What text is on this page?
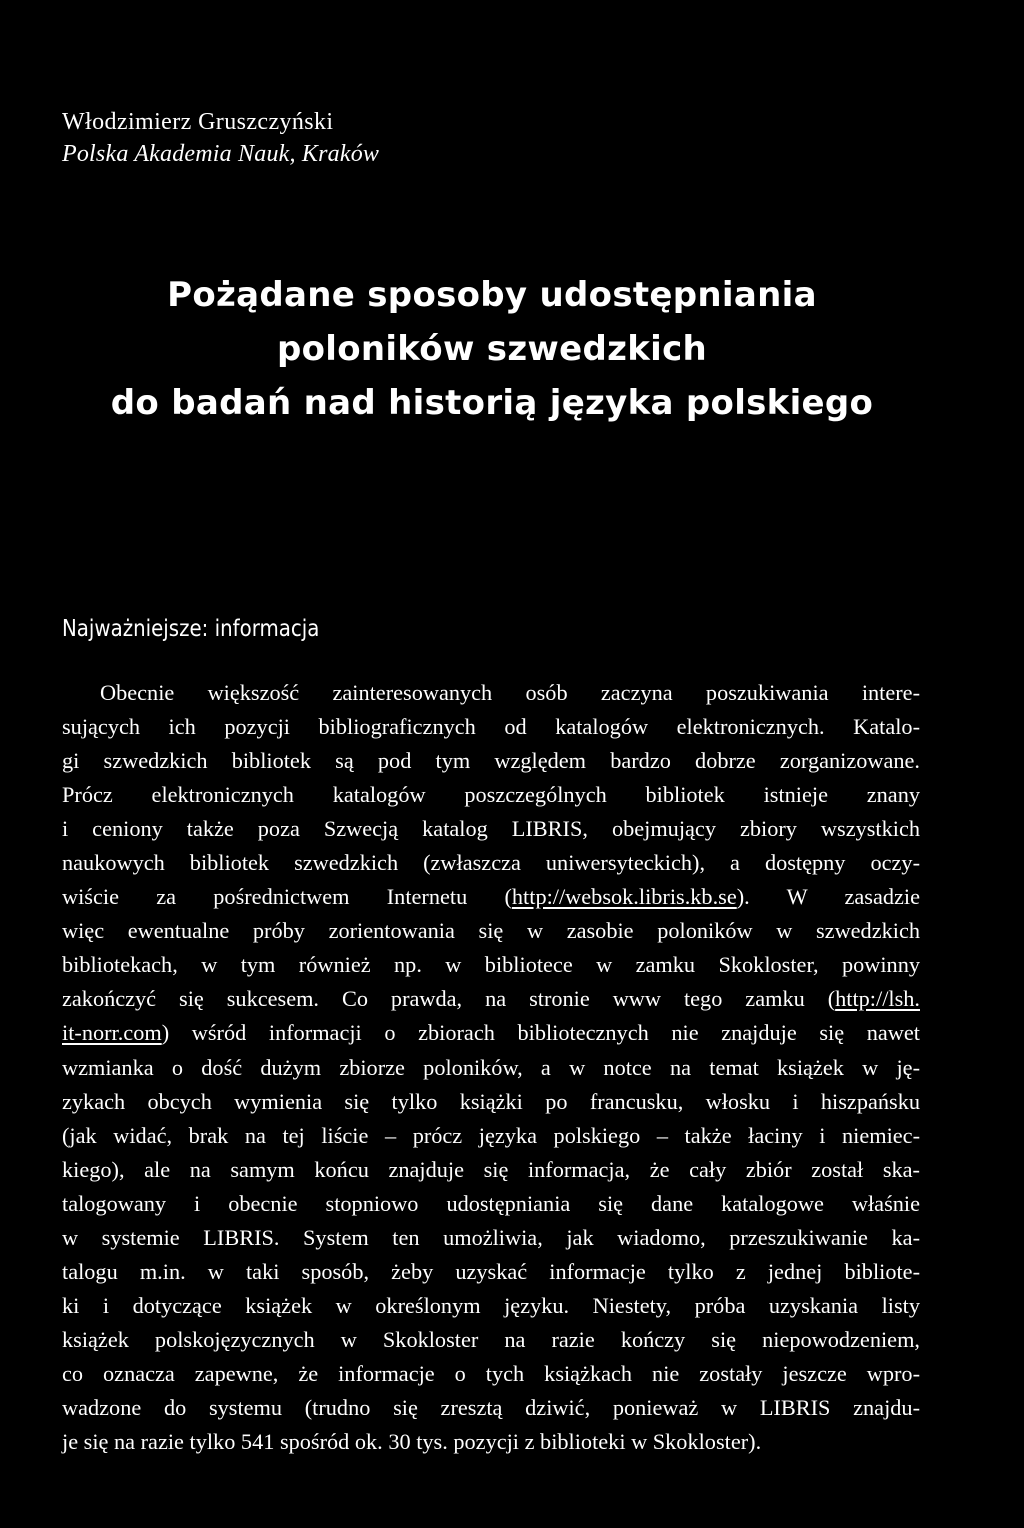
Włodzimierz Gruszczyński
Polska Akademia Nauk, Kraków
Pożądane sposoby udostępniania
poloników szwedzkich
do badań nad historią języka polskiego
Najważniejsze: informacja
Obecnie większość zainteresowanych osób zaczyna poszukiwania intere-
sujących ich pozycji bibliograficznych od katalogów elektronicznych. Katalo-
gi szwedzkich bibliotek są pod tym względem bardzo dobrze zorganizowane.
Prócz elektronicznych katalogów poszczególnych bibliotek istnieje znany
i ceniony także poza Szwecją katalog LIBRIS, obejmujący zbiory wszystkich
naukowych bibliotek szwedzkich (zwłaszcza uniwersyteckich), a dostępny oczy-
wiście za pośrednictwem Internetu (http://websok.libris.kb.se). W zasadzie
więc ewentualne próby zorientowania się w zasobie poloników w szwedzkich
bibliotekach, w tym również np. w bibliotece w zamku Skokloster, powinny
zakończyć się sukcesem. Co prawda, na stronie www tego zamku (http://lsh.
it-norr.com) wśród informacji o zbiorach bibliotecznych nie znajduje się nawet
wzmianka o dość dużym zbiorze poloników, a w notce na temat książek w ję-
zykach obcych wymienia się tylko książki po francusku, włosku i hiszpańsku
(jak widać, brak na tej liście – prócz języka polskiego – także łaciny i niemiec-
kiego), ale na samym końcu znajduje się informacja, że cały zbiór został ska-
talogowany i obecnie stopniowo udostępniania się dane katalogowe właśnie
w systemie LIBRIS. System ten umożliwia, jak wiadomo, przeszukiwanie ka-
talogu m.in. w taki sposób, żeby uzyskać informacje tylko z jednej bibliote-
ki i dotyczące książek w określonym języku. Niestety, próba uzyskania listy
książek polskojęzycznych w Skokloster na razie kończy się niepowodzeniem,
co oznacza zapewne, że informacje o tych książkach nie zostały jeszcze wpro-
wadzone do systemu (trudno się zresztą dziwić, ponieważ w LIBRIS znajdu-
je się na razie tylko 541 spośród ok. 30 tys. pozycji z biblioteki w Skokloster).
